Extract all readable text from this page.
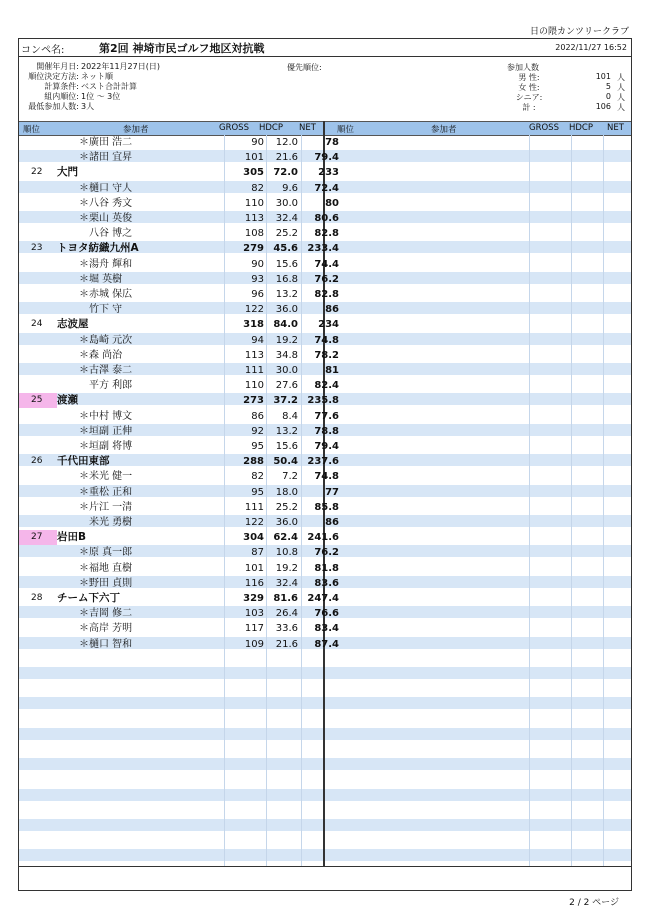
日の隈カンツリークラブ
コンペ名:	第2回 神埼市民ゴルフ地区対抗戦	2022/11/27 16:52
開催年月日: 2022年11月27日(日)
順位決定方法: ネット順
計算条件: ベスト合計計算
組内順位: 1位 ～ 3位
最低参加人数: 3人
優先順位:	参加人数
男 性:	101 人
女 性:	5 人
シニア:	0 人
計 :	106 人
順位	参加者	GROSS HDCP NET 順位	参加者	GROSS HDCP NET
＊ 廣田 浩二	90	12.0	78
＊ 諸田 宜昇	101	21.6	79.4
22	大門	305 72.0	233
＊ 樋口 守人	82	9.6	72.4
＊ 八谷 秀文	110	30.0	80
＊ 栗山 英俊	113	32.4	80.6
八谷 博之	108	25.2	82.8
23	トヨタ紡織九州A	279 45.6 233.4
＊ 湯舟 輝和	90	15.6	74.4
＊ 堀 英樹	93	16.8	76.2
＊ 赤城 保広	96	13.2	82.8
竹下 守	122	36.0	86
24	志波屋	318 84.0	234
＊ 島崎 元次	94	19.2	74.8
＊ 森 尚治	113	34.8	78.2
＊ 古澤 泰二	111	30.0	81
平方 利郎	110	27.6	82.4
25	渡瀬	273 37.2 235.8
＊ 中村 博文	86	8.4	77.6
＊ 垣副 正伸	92	13.2	78.8
＊ 垣副 将博	95	15.6	79.4
26	千代田東部	288 50.4 237.6
＊ 米光 健一	82	7.2	74.8
＊ 重松 正和	95	18.0	77
＊ 片江 一清	111	25.2	85.8
米光 勇樹	122	36.0	86
27	岩田B	304 62.4 241.6
＊ 原 真一郎	87	10.8	76.2
＊ 福地 直樹	101	19.2	81.8
＊ 野田 貞則	116	32.4	83.6
28	チーム下六丁	329 81.6 247.4
＊ 吉岡 修二	103	26.4	76.6
＊ 高岸 芳明	117	33.6	83.4
＊ 樋口 智和	109	21.6	87.4
2 / 2 ページ
